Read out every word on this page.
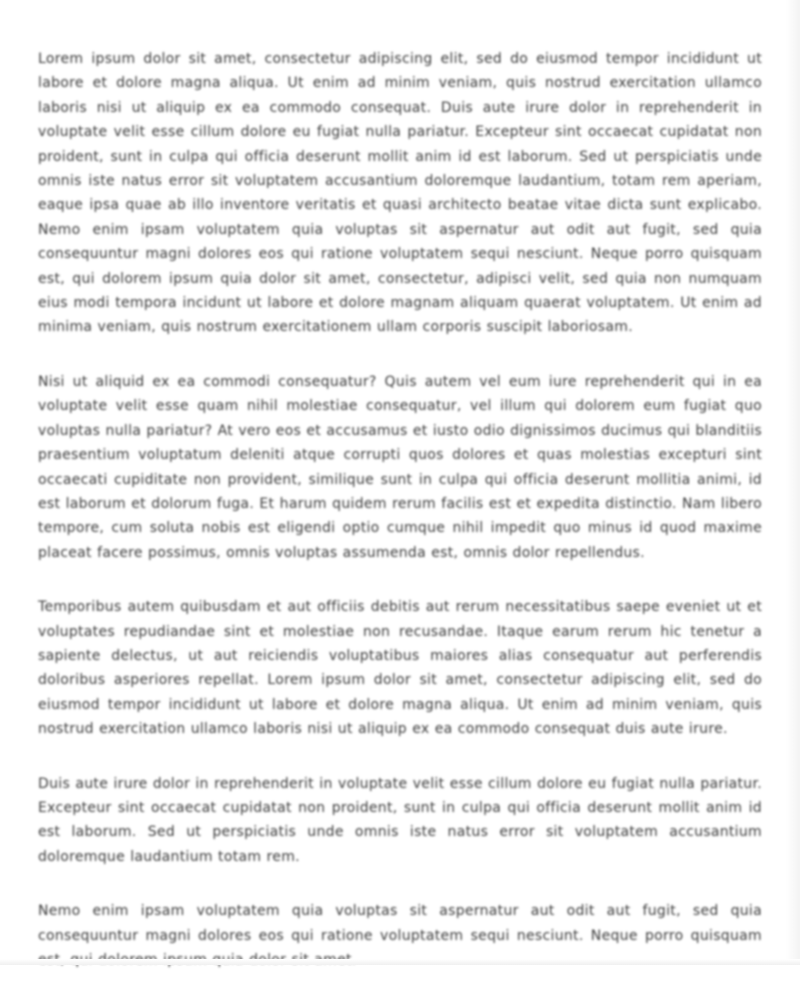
Lorem ipsum dolor sit amet, consectetur adipiscing elit, sed do eiusmod tempor incididunt ut labore et dolore magna aliqua. Ut enim ad minim veniam, quis nostrud exercitation ullamco laboris nisi ut aliquip ex ea commodo consequat. Duis aute irure dolor in reprehenderit in voluptate velit esse cillum dolore eu fugiat nulla pariatur. Excepteur sint occaecat cupidatat non proident, sunt in culpa qui officia deserunt mollit anim id est laborum. Sed ut perspiciatis unde omnis iste natus error sit voluptatem accusantium doloremque laudantium, totam rem aperiam, eaque ipsa quae ab illo inventore veritatis et quasi architecto beatae vitae dicta sunt explicabo. Nemo enim ipsam voluptatem quia voluptas sit aspernatur aut odit aut fugit, sed quia consequuntur magni dolores eos qui ratione voluptatem sequi nesciunt. Neque porro quisquam est, qui dolorem ipsum quia dolor sit amet, consectetur, adipisci velit, sed quia non numquam eius modi tempora incidunt ut labore et dolore magnam aliquam quaerat voluptatem. Ut enim ad minima veniam, quis nostrum exercitationem ullam corporis suscipit laboriosam.

Nisi ut aliquid ex ea commodi consequatur? Quis autem vel eum iure reprehenderit qui in ea voluptate velit esse quam nihil molestiae consequatur, vel illum qui dolorem eum fugiat quo voluptas nulla pariatur? At vero eos et accusamus et iusto odio dignissimos ducimus qui blanditiis praesentium voluptatum deleniti atque corrupti quos dolores et quas molestias excepturi sint occaecati cupiditate non provident, similique sunt in culpa qui officia deserunt mollitia animi, id est laborum et dolorum fuga. Et harum quidem rerum facilis est et expedita distinctio. Nam libero tempore, cum soluta nobis est eligendi optio cumque nihil impedit quo minus id quod maxime placeat facere possimus, omnis voluptas assumenda est, omnis dolor repellendus.

Temporibus autem quibusdam et aut officiis debitis aut rerum necessitatibus saepe eveniet ut et voluptates repudiandae sint et molestiae non recusandae. Itaque earum rerum hic tenetur a sapiente delectus, ut aut reiciendis voluptatibus maiores alias consequatur aut perferendis doloribus asperiores repellat. Lorem ipsum dolor sit amet, consectetur adipiscing elit, sed do eiusmod tempor incididunt ut labore et dolore magna aliqua. Ut enim ad minim veniam, quis nostrud exercitation ullamco laboris nisi ut aliquip ex ea commodo consequat duis aute irure.

Duis aute irure dolor in reprehenderit in voluptate velit esse cillum dolore eu fugiat nulla pariatur. Excepteur sint occaecat cupidatat non proident, sunt in culpa qui officia deserunt mollit anim id est laborum. Sed ut perspiciatis unde omnis iste natus error sit voluptatem accusantium doloremque laudantium totam rem.

Nemo enim ipsam voluptatem quia voluptas sit aspernatur aut odit aut fugit, sed quia consequuntur magni dolores eos qui ratione voluptatem sequi nesciunt. Neque porro quisquam
